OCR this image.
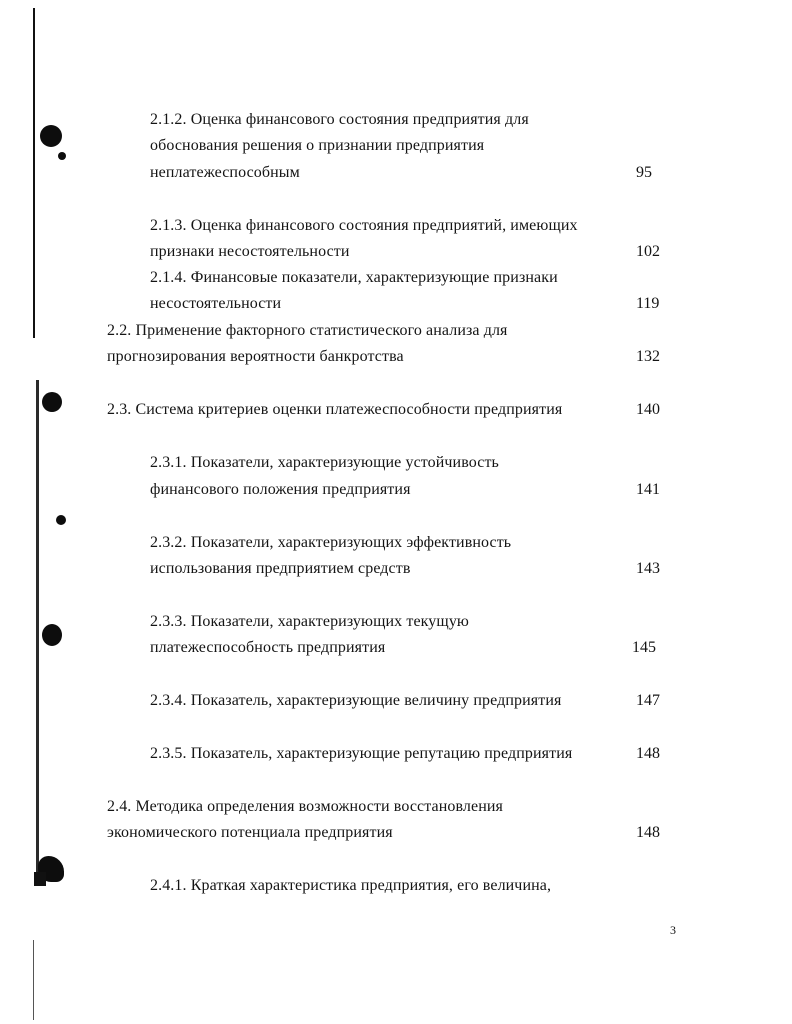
2.1.2. Оценка финансового состояния предприятия для
обоснования решения о признании предприятия
неплатежеспособным	95
2.1.3. Оценка финансового состояния предприятий, имеющих
признаки несостоятельности	102
2.1.4. Финансовые показатели, характеризующие признаки
несостоятельности	119
2.2. Применение факторного статистического анализа для
прогнозирования вероятности банкротства	132
2.3. Система критериев оценки платежеспособности предприятия	140
2.3.1. Показатели, характеризующие устойчивость
финансового положения предприятия	141
2.3.2. Показатели, характеризующих эффективность
использования предприятием средств	143
2.3.3. Показатели, характеризующих текущую
платежеспособность предприятия	145
2.3.4. Показатель, характеризующие величину предприятия	147
2.3.5. Показатель, характеризующие репутацию предприятия	148
2.4. Методика определения возможности восстановления
экономического потенциала предприятия	148
2.4.1. Краткая характеристика предприятия, его величина,
3
